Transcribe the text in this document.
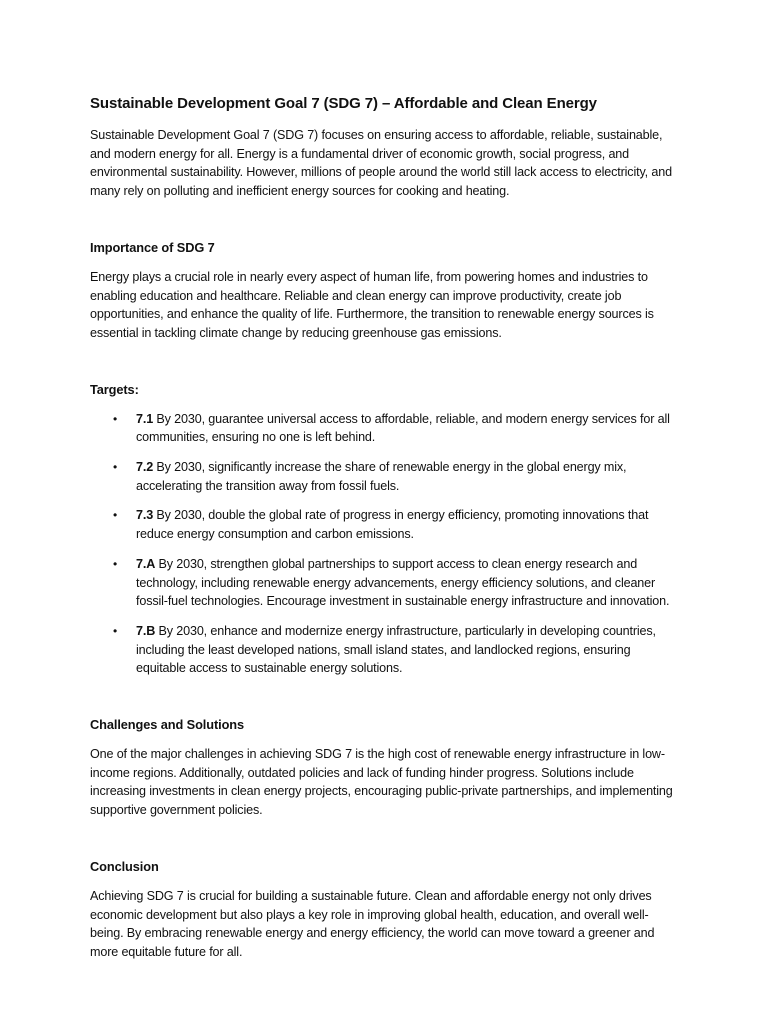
Sustainable Development Goal 7 (SDG 7) – Affordable and Clean Energy

Sustainable Development Goal 7 (SDG 7) focuses on ensuring access to affordable, reliable, sustainable, and modern energy for all. Energy is a fundamental driver of economic growth, social progress, and environmental sustainability. However, millions of people around the world still lack access to electricity, and many rely on polluting and inefficient energy sources for cooking and heating.

Importance of SDG 7

Energy plays a crucial role in nearly every aspect of human life, from powering homes and industries to enabling education and healthcare. Reliable and clean energy can improve productivity, create job opportunities, and enhance the quality of life. Furthermore, the transition to renewable energy sources is essential in tackling climate change by reducing greenhouse gas emissions.

Targets:
• 7.1 By 2030, guarantee universal access to affordable, reliable, and modern energy services for all communities, ensuring no one is left behind.
• 7.2 By 2030, significantly increase the share of renewable energy in the global energy mix, accelerating the transition away from fossil fuels.
• 7.3 By 2030, double the global rate of progress in energy efficiency, promoting innovations that reduce energy consumption and carbon emissions.
• 7.A By 2030, strengthen global partnerships to support access to clean energy research and technology, including renewable energy advancements, energy efficiency solutions, and cleaner fossil-fuel technologies. Encourage investment in sustainable energy infrastructure and innovation.
• 7.B By 2030, enhance and modernize energy infrastructure, particularly in developing countries, including the least developed nations, small island states, and landlocked regions, ensuring equitable access to sustainable energy solutions.
Challenges and Solutions

One of the major challenges in achieving SDG 7 is the high cost of renewable energy infrastructure in low-income regions. Additionally, outdated policies and lack of funding hinder progress. Solutions include increasing investments in clean energy projects, encouraging public-private partnerships, and implementing supportive government policies.

Conclusion

Achieving SDG 7 is crucial for building a sustainable future. Clean and affordable energy not only drives economic development but also plays a key role in improving global health, education, and overall well-being. By embracing renewable energy and energy efficiency, the world can move toward a greener and more equitable future for all.
